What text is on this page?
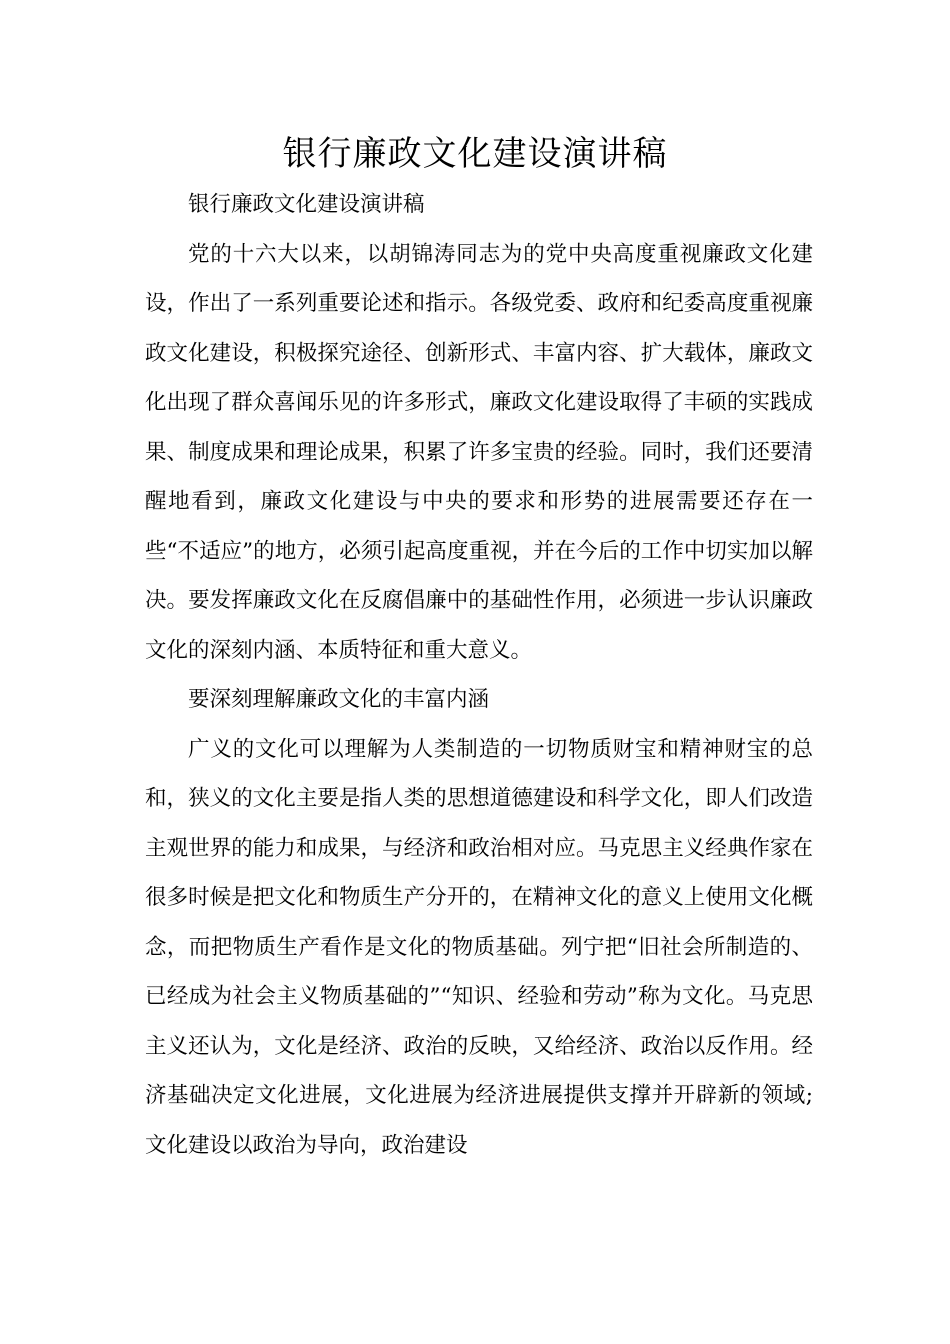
银行廉政文化建设演讲稿

银行廉政文化建设演讲稿

党的十六大以来，以胡锦涛同志为的党中央高度重视廉政文化建设，作出了一系列重要论述和指示。各级党委、政府和纪委高度重视廉政文化建设，积极探究途径、创新形式、丰富内容、扩大载体，廉政文化出现了群众喜闻乐见的许多形式，廉政文化建设取得了丰硕的实践成果、制度成果和理论成果，积累了许多宝贵的经验。同时，我们还要清醒地看到，廉政文化建设与中央的要求和形势的进展需要还存在一些“不适应”的地方，必须引起高度重视，并在今后的工作中切实加以解决。要发挥廉政文化在反腐倡廉中的基础性作用，必须进一步认识廉政文化的深刻内涵、本质特征和重大意义。

要深刻理解廉政文化的丰富内涵

广义的文化可以理解为人类制造的一切物质财宝和精神财宝的总和，狭义的文化主要是指人类的思想道德建设和科学文化，即人们改造主观世界的能力和成果，与经济和政治相对应。马克思主义经典作家在很多时候是把文化和物质生产分开的，在精神文化的意义上使用文化概念，而把物质生产看作是文化的物质基础。列宁把“旧社会所制造的、已经成为社会主义物质基础的”“知识、经验和劳动”称为文化。马克思主义还认为，文化是经济、政治的反映，又给经济、政治以反作用。经济基础决定文化进展，文化进展为经济进展提供支撑并开辟新的领域;文化建设以政治为导向，政治建设
